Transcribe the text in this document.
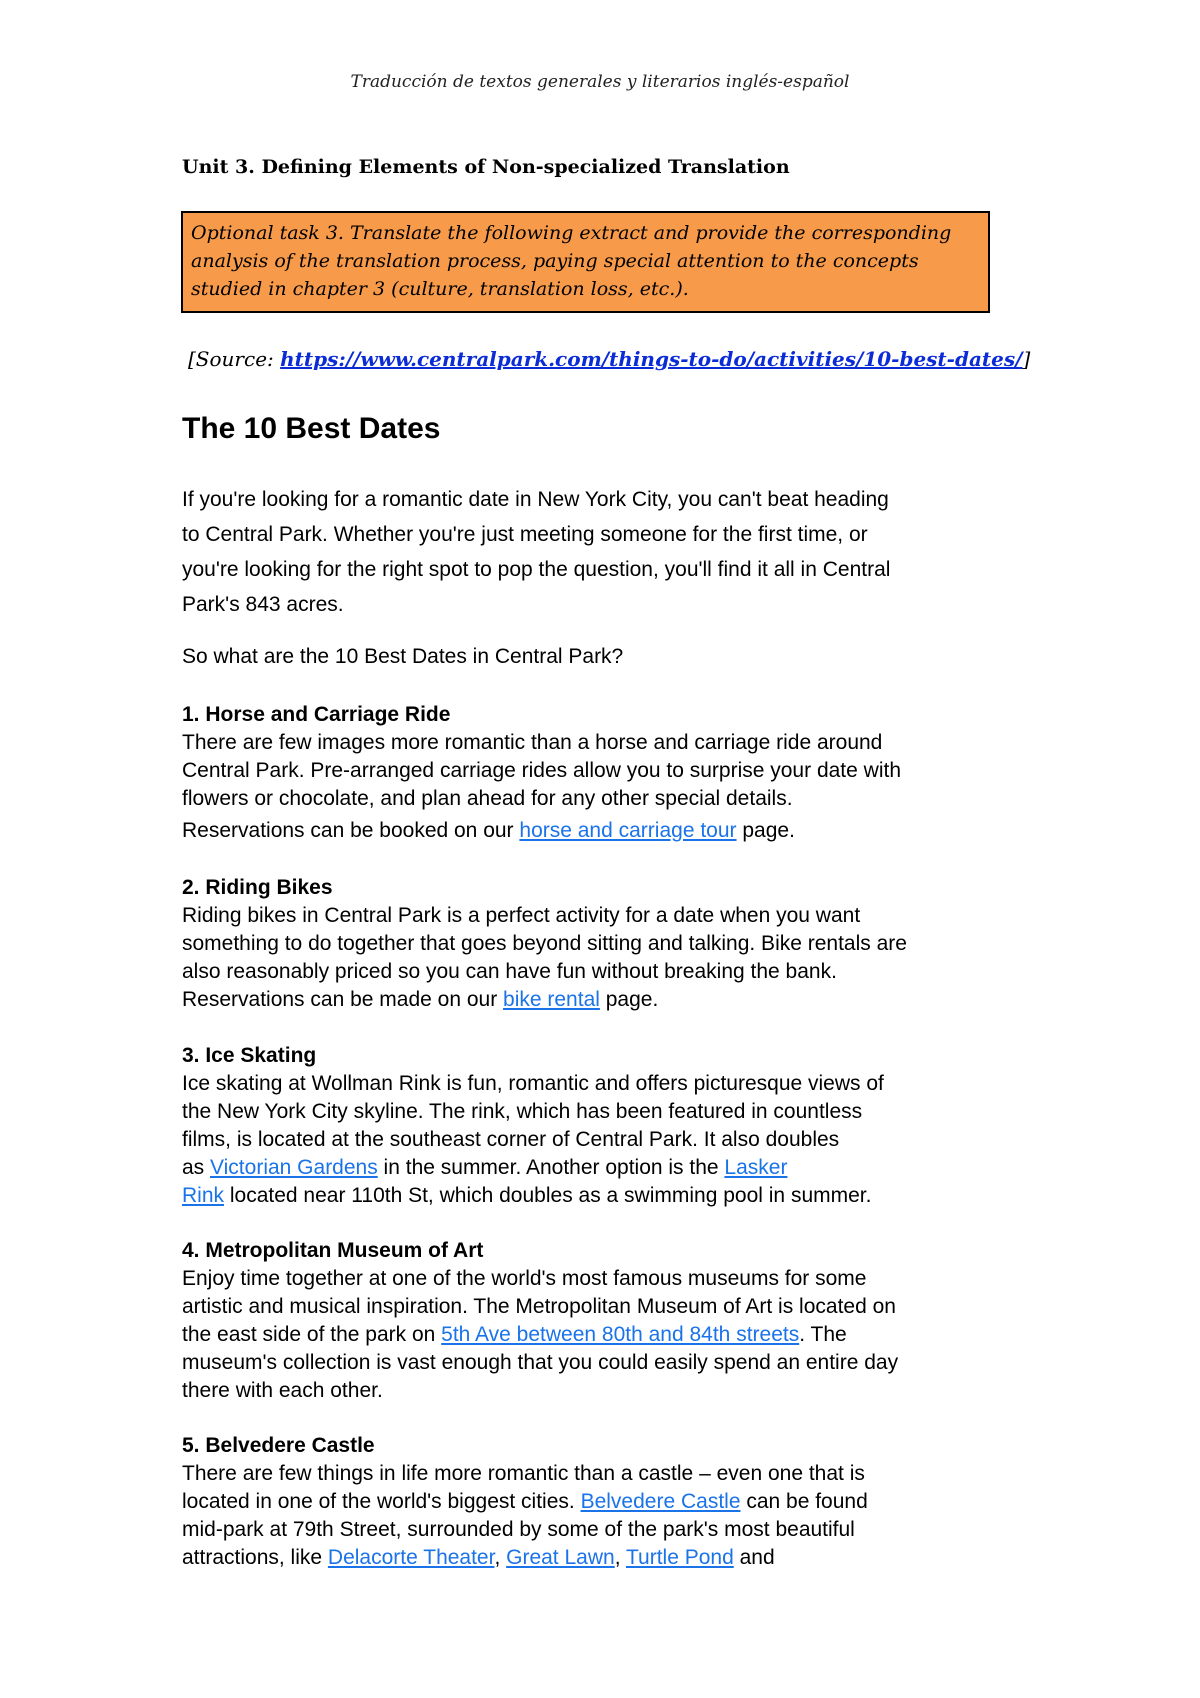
Traducción de textos generales y literarios inglés-español
Unit 3. Defining Elements of Non-specialized Translation
Optional task 3. Translate the following extract and provide the corresponding
analysis of the translation process, paying special attention to the concepts
studied in chapter 3 (culture, translation loss, etc.).
[Source: https://www.centralpark.com/things-to-do/activities/10-best-dates/]
The 10 Best Dates
If you're looking for a romantic date in New York City, you can't beat heading
to Central Park. Whether you're just meeting someone for the first time, or
you're looking for the right spot to pop the question, you'll find it all in Central
Park's 843 acres.
So what are the 10 Best Dates in Central Park?
1. Horse and Carriage Ride

There are few images more romantic than a horse and carriage ride around

Central Park. Pre-arranged carriage rides allow you to surprise your date with

flowers or chocolate, and plan ahead for any other special details.

Reservations can be booked on our horse and carriage tour page.

2. Riding Bikes

Riding bikes in Central Park is a perfect activity for a date when you want

something to do together that goes beyond sitting and talking. Bike rentals are

also reasonably priced so you can have fun without breaking the bank.

Reservations can be made on our bike rental page.

3. Ice Skating

Ice skating at Wollman Rink is fun, romantic and offers picturesque views of

the New York City skyline. The rink, which has been featured in countless

films, is located at the southeast corner of Central Park. It also doubles

as Victorian Gardens in the summer. Another option is the Lasker

Rink located near 110th St, which doubles as a swimming pool in summer.

4. Metropolitan Museum of Art

Enjoy time together at one of the world's most famous museums for some

artistic and musical inspiration. The Metropolitan Museum of Art is located on

the east side of the park on 5th Ave between 80th and 84th streets. The

museum's collection is vast enough that you could easily spend an entire day

there with each other.

5. Belvedere Castle

There are few things in life more romantic than a castle – even one that is

located in one of the world's biggest cities. Belvedere Castle can be found

mid-park at 79th Street, surrounded by some of the park's most beautiful

attractions, like Delacorte Theater, Great Lawn, Turtle Pond and
